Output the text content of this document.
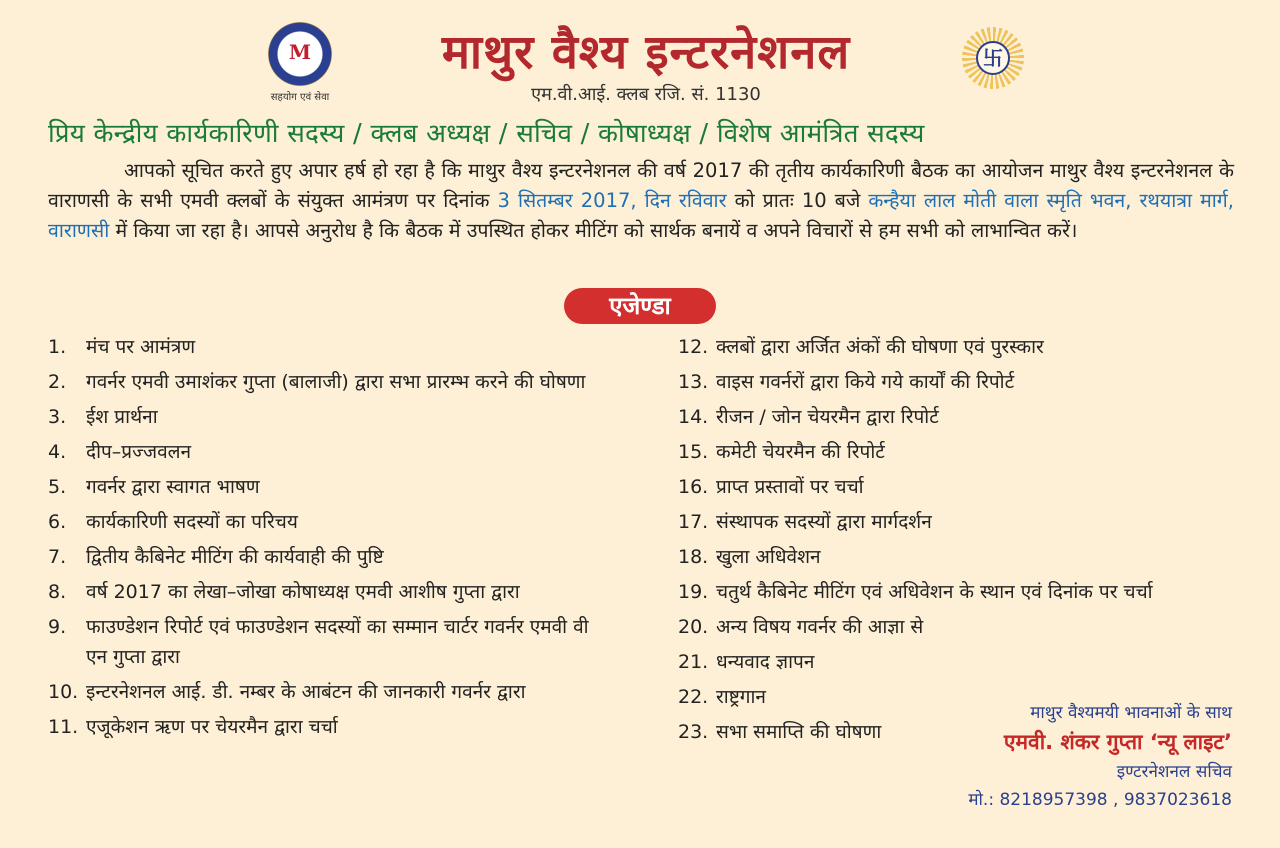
M
सहयोग एवं सेवा
माथुर वैश्य इन्टरनेशनल
एम.वी.आई. क्लब रजि. सं. 1130
卐
प्रिय केन्द्रीय कार्यकारिणी सदस्य / क्लब अध्यक्ष / सचिव / कोषाध्यक्ष / विशेष आमंत्रित सदस्य
आपको सूचित करते हुए अपार हर्ष हो रहा है कि माथुर वैश्य इन्टरनेशनल की वर्ष 2017 की तृतीय कार्यकारिणी बैठक का आयोजन माथुर वैश्य इन्टरनेशनल के वाराणसी के सभी एमवी क्लबों के संयुक्त आमंत्रण पर दिनांक 3 सितम्बर 2017, दिन रविवार को प्रातः 10 बजे कन्हैया लाल मोती वाला स्मृति भवन, रथयात्रा मार्ग, वाराणसी में किया जा रहा है। आपसे अनुरोध है कि बैठक में उपस्थित होकर मीटिंग को सार्थक बनायें व अपने विचारों से हम सभी को लाभान्वित करें।
एजेण्डा
1.	मंच पर आमंत्रण
2.	गवर्नर एमवी उमाशंकर गुप्ता (बालाजी) द्वारा सभा प्रारम्भ करने की घोषणा
3.	ईश प्रार्थना
4.	दीप–प्रज्जवलन
5.	गवर्नर द्वारा स्वागत भाषण
6.	कार्यकारिणी सदस्यों का परिचय
7.	द्वितीय कैबिनेट मीटिंग की कार्यवाही की पुष्टि
8.	वर्ष 2017 का लेखा–जोखा कोषाध्यक्ष एमवी आशीष गुप्ता द्वारा
9.	फाउण्डेशन रिपोर्ट एवं फाउण्डेशन सदस्यों का सम्मान चार्टर गवर्नर एमवी वी एन गुप्ता द्वारा
10. इन्टरनेशनल आई. डी. नम्बर के आबंटन की जानकारी गवर्नर द्वारा
11. एजूकेशन ऋण पर चेयरमैन द्वारा चर्चा
12. क्लबों द्वारा अर्जित अंकों की घोषणा एवं पुरस्कार
13. वाइस गवर्नरों द्वारा किये गये कार्यों की रिपोर्ट
14. रीजन / जोन चेयरमैन द्वारा रिपोर्ट
15. कमेटी चेयरमैन की रिपोर्ट
16. प्राप्त प्रस्तावों पर चर्चा
17. संस्थापक सदस्यों द्वारा मार्गदर्शन
18. खुला अधिवेशन
19. चतुर्थ कैबिनेट मीटिंग एवं अधिवेशन के स्थान एवं दिनांक पर चर्चा
20. अन्य विषय गवर्नर की आज्ञा से
21. धन्यवाद ज्ञापन
22. राष्ट्रगान
23. सभा समाप्ति की घोषणा
माथुर वैश्यमयी भावनाओं के साथ
एमवी. शंकर गुप्ता ‘न्यू लाइट’
इण्टरनेशनल सचिव
मो.: 8218957398 , 9837023618
